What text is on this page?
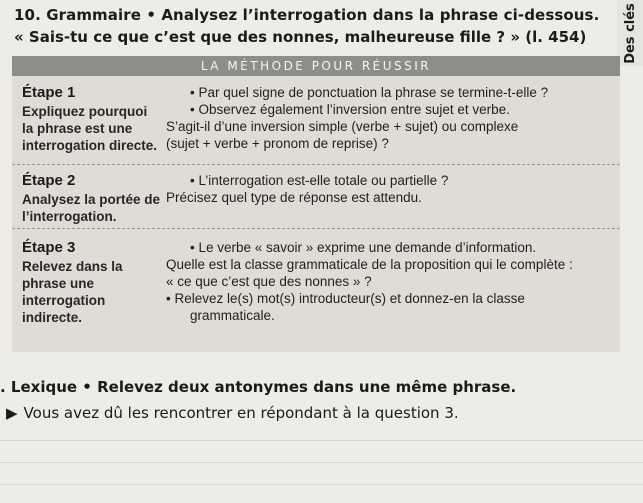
10. Grammaire • Analysez l’interrogation dans la phrase ci-dessous.
« Sais-tu ce que c’est que des nonnes, malheureuse fille ? » (l. 454)	Des clés
LA MÉTHODE POUR RÉUSSIR
Étape 1
Expliquez pourquoi la phrase est une interrogation directe.

• Par quel signe de ponctuation la phrase se termine-t-elle ?

• Observez également l’inversion entre sujet et verbe.

S’agit-il d’une inversion simple (verbe + sujet) ou complexe

(sujet + verbe + pronom de reprise) ?

Étape 2
Analysez la portée de l’interrogation.

• L’interrogation est-elle totale ou partielle ?

Précisez quel type de réponse est attendu.

Étape 3
Relevez dans la phrase une interrogation indirecte.

• Le verbe « savoir » exprime une demande d’information.

Quelle est la classe grammaticale de la proposition qui le complète :

« ce que c’est que des nonnes » ?

• Relevez le(s) mot(s) introducteur(s) et donnez-en la classe

grammaticale.

. Lexique • Relevez deux antonymes dans une même phrase.
▶ Vous avez dû les rencontrer en répondant à la question 3.
